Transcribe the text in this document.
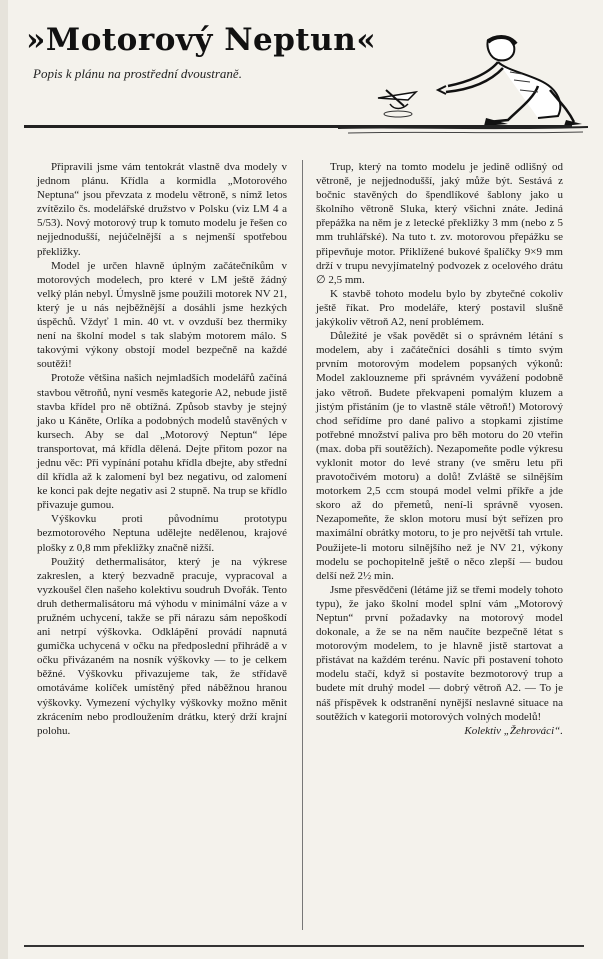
»Motorový Neptun«
Popis k plánu na prostřední dvoustraně.

Připravili jsme vám tentokrát vlastně dva modely v jednom plánu. Křídla a kormidla „Motorového Neptuna“ jsou převzata z modelu větroně, s nímž letos zvítězilo čs. modelářské družstvo v Polsku (viz LM 4 a 5/53). Nový motorový trup k tomuto modelu je řešen co nejjednodušší, nejúčelnější a s nejmenší spotřebou překližky.

Model je určen hlavně úplným začátečníkům v motorových modelech, pro které v LM ještě žádný velký plán nebyl. Úmyslně jsme použili motorek NV 21, který je u nás nejběžnější a dosáhli jsme hezkých úspěchů. Vždyť 1 min. 40 vt. v ovzduší bez thermiky není na školní model s tak slabým motorem málo. S takovými výkony obstojí model bezpečně na každé soutěži!

Protože většina našich nejmladších modelářů začíná stavbou větroňů, nyní vesměs kategorie A2, nebude jistě stavba křídel pro ně obtížná. Způsob stavby je stejný jako u Káněte, Orlíka a podobných modelů stavěných v kursech. Aby se dal „Motorový Neptun“ lépe transportovat, má křídla dělená. Dejte přitom pozor na jednu věc: Při vypínání potahu křídla dbejte, aby střední díl křídla až k zalomení byl bez negativu, od zalomení ke konci pak dejte negativ asi 2 stupně. Na trup se křídlo přivazuje gumou.

Výškovku proti původnímu prototypu bezmotorového Neptuna udělejte nedělenou, krajové plošky z 0,8 mm překližky značně nižší.

Použitý dethermalisátor, který je na výkrese zakreslen, a který bezvadně pracuje, vypracoval a vyzkoušel člen našeho kolektivu soudruh Dvořák. Tento druh dethermalisátoru má výhodu v minimální váze a v pružném uchycení, takže se při nárazu sám nepoškodí ani netrpí výškovka. Odklápění provádí napnutá gumička uchycená v očku na předposlední přihrádě a v očku přivázaném na nosník výškovky — to je celkem běžné. Výškovku přivazujeme tak, že střídavě omotáváme kolíček umístěný před náběžnou hranou výškovky. Vymezení výchylky výškovky možno měnit zkrácením nebo prodloužením drátku, který drží krajní polohu.

Trup, který na tomto modelu je jedině odlišný od větroně, je nejjednodušší, jaký může být. Sestává z bočnic stavěných do špendlíkové šablony jako u školního větroně Sluka, který všichni znáte. Jediná přepážka na něm je z letecké překližky 3 mm (nebo z 5 mm truhlářské). Na tuto t. zv. motorovou přepážku se připevňuje motor. Přiklížené bukové špalíčky 9×9 mm drží v trupu nevyjímatelný podvozek z ocelového drátu ∅ 2,5 mm.

K stavbě tohoto modelu bylo by zbytečné cokoliv ještě říkat. Pro modeláře, který postavil slušně jakýkoliv větroň A2, není problémem.

Důležité je však povědět si o správném létání s modelem, aby i začátečníci dosáhli s tímto svým prvním motorovým modelem popsaných výkonů: Model zaklouzneme při správném vyvážení podobně jako větroň. Budete překvapeni pomalým kluzem a jistým přistáním (je to vlastně stále větroň!) Motorový chod seřídíme pro dané palivo a stopkami zjistíme potřebné množství paliva pro běh motoru do 20 vteřin (max. doba při soutěžích). Nezapomeňte podle výkresu vyklonit motor do levé strany (ve směru letu při pravotočivém motoru) a dolů! Zvláště se silnějším motorkem 2,5 ccm stoupá model velmi příkře a jde skoro až do přemetů, není-li správně vyosen. Nezapomeňte, že sklon motoru musí být seřízen pro maximální obrátky motoru, to je pro největší tah vrtule. Použijete-li motoru silnějšího než je NV 21, výkony modelu se pochopitelně ještě o něco zlepší — budou delší než 2½ min.

Jsme přesvědčeni (létáme již se třemi modely tohoto typu), že jako školní model splní vám „Motorový Neptun“ první požadavky na motorový model dokonale, a že se na něm naučíte bezpečně létat s motorovým modelem, to je hlavně jistě startovat a přistávat na každém terénu. Navíc při postavení tohoto modelu stačí, když si postavíte bezmotorový trup a budete mít druhý model — dobrý větroň A2. — To je náš příspěvek k odstranění nynější neslavné situace na soutěžích v kategorii motorových volných modelů!

Kolektiv „Žehrováci“.
